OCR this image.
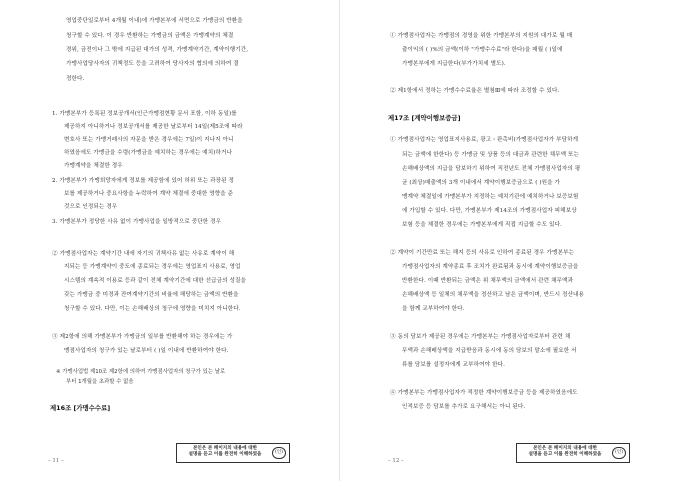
영업중단일로부터 4개월 이내)에 가맹본부에 서면으로 가맹금의 반환을
청구할 수 있다. 이 경우 반환하는 가맹금의 금액은 가맹계약의 체결
경위, 금전이나 그 밖에 지급된 대가의 성격, 가맹계약기간, 계약이행기간,
가맹사업당사자의 귀책정도 등을 고려하여 당사자의 협의에 의하여 결
정한다.
1. 가맹본부가 등록된 정보공개서(인근가맹점현황 문서 포함, 이하 동일)를
제공하지 아니하거나 정보공개서를 제공한 날로부터 14일(제5조에 따라
변호사 또는 가맹거래사의 자문을 받은 경우에는 7일)이 지나지 아니
하였음에도 가맹금을 수령(가맹금을 예치하는 경우에는 예치)하거나
가맹계약을 체결한 경우
2. 가맹본부가 가맹희망자에게 정보를 제공함에 있어 허위 또는 과장된 정
보를 제공하거나 중요사항을 누락하여 계약 체결에 중대한 영향을 준
것으로 인정되는 경우
3. 가맹본부가 정당한 사유 없이 가맹사업을 일방적으로 중단한 경우
② 가맹점사업자는 계약기간 내에 자기의 귀책사유 없는 사유로 계약이 해
지되는 등 가맹계약이 중도에 종료되는 경우에는 영업표지 사용료, 영업
시스템의 계속적 이용료 등과 같이 전체 계약기간에 대한 선급금의 성질을
갖는 가맹금 중 미경과 잔여계약기간의 비율에 해당하는 금액의 반환을
청구할 수 있다. 다만, 이는 손해배상의 청구에 영향을 미치지 아니한다.
③ 제2항에 의해 가맹본부가 가맹금의 일부를 반환해야 하는 경우에는 가
맹점사업자의 청구가 있는 날로부터 ( )일 이내에 반환하여야 한다.
※ 가맹사업법 제10조 제2항에 의하여 가맹점사업자의 청구가 있는 날로
부터 1개월을 초과할 수 없음
제16조 [가맹수수료]
– 11 –
본인은 본 페이지의 내용에 대한
설명을 듣고 이를 완전히 이해하였음	(인)
① 가맹점사업자는 가맹점의 경영을 위한 가맹본부의 지원의 대가로 월 매
출이익의 ( )%의 금액(이하 "가맹수수료"라 한다)을 매월 ( )일에
가맹본부에게 지급한다(부가가치세 별도).
② 제1항에서 정하는 가맹수수료율은 별첨Ⅲ에 따라 조정할 수 있다.
제17조 [계약이행보증금]
① 가맹점사업자는 영업표지사용료, 광고・판촉비(가맹점사업자가 부담하게
되는 금액에 한한다) 등 가맹금 및 상품 등의 대금과 관련한 채무액 또는
손해배상액의 지급을 담보하기 위하여 직전년도 전체 가맹점사업자의 평
균 (최상)매출액의 3개 이내에서 계약이행보증금으로 ( )원을 가
맹계약 체결일에 가맹본부가 지정하는 예치기관에 예치하거나 보증보험
에 가입할 수 있다. 다만, 가맹본부가 제14조의 가맹점사업자 피해보상
보험 등을 체결한 경우에는 가맹본부에게 직접 지급할 수도 있다.
② 계약이 기간만료 또는 해지 등의 사유로 인하여 종료된 경우 가맹본부는
가맹점사업자의 계약종료 후 조치가 완료됨과 동시에 계약이행보증금을
반환한다. 이때 반환되는 금액은 위 채무액의 금액에서 관련 채무액과
손해배상액 등 일체의 채무액을 정산하고 남은 금액이며, 반드시 정산내용
을 함께 교부하여야 한다.
③ 동의 담보가 제공된 경우에는 가맹본부는 가맹점사업자로부터 관련 채
무액과 손해배상액을 지급받음과 동시에 동의 담보의 말소에 필요한 서
류를 담보를 설정자에게 교부하여야 한다.
④ 가맹본부는 가맹점사업자가 적정한 계약이행보증금 등을 제공하였음에도
인적보증 등 담보를 추가로 요구해서는 아니 된다.
– 12 –
본인은 본 페이지의 내용에 대한
설명을 듣고 이를 완전히 이해하였음	(인)
